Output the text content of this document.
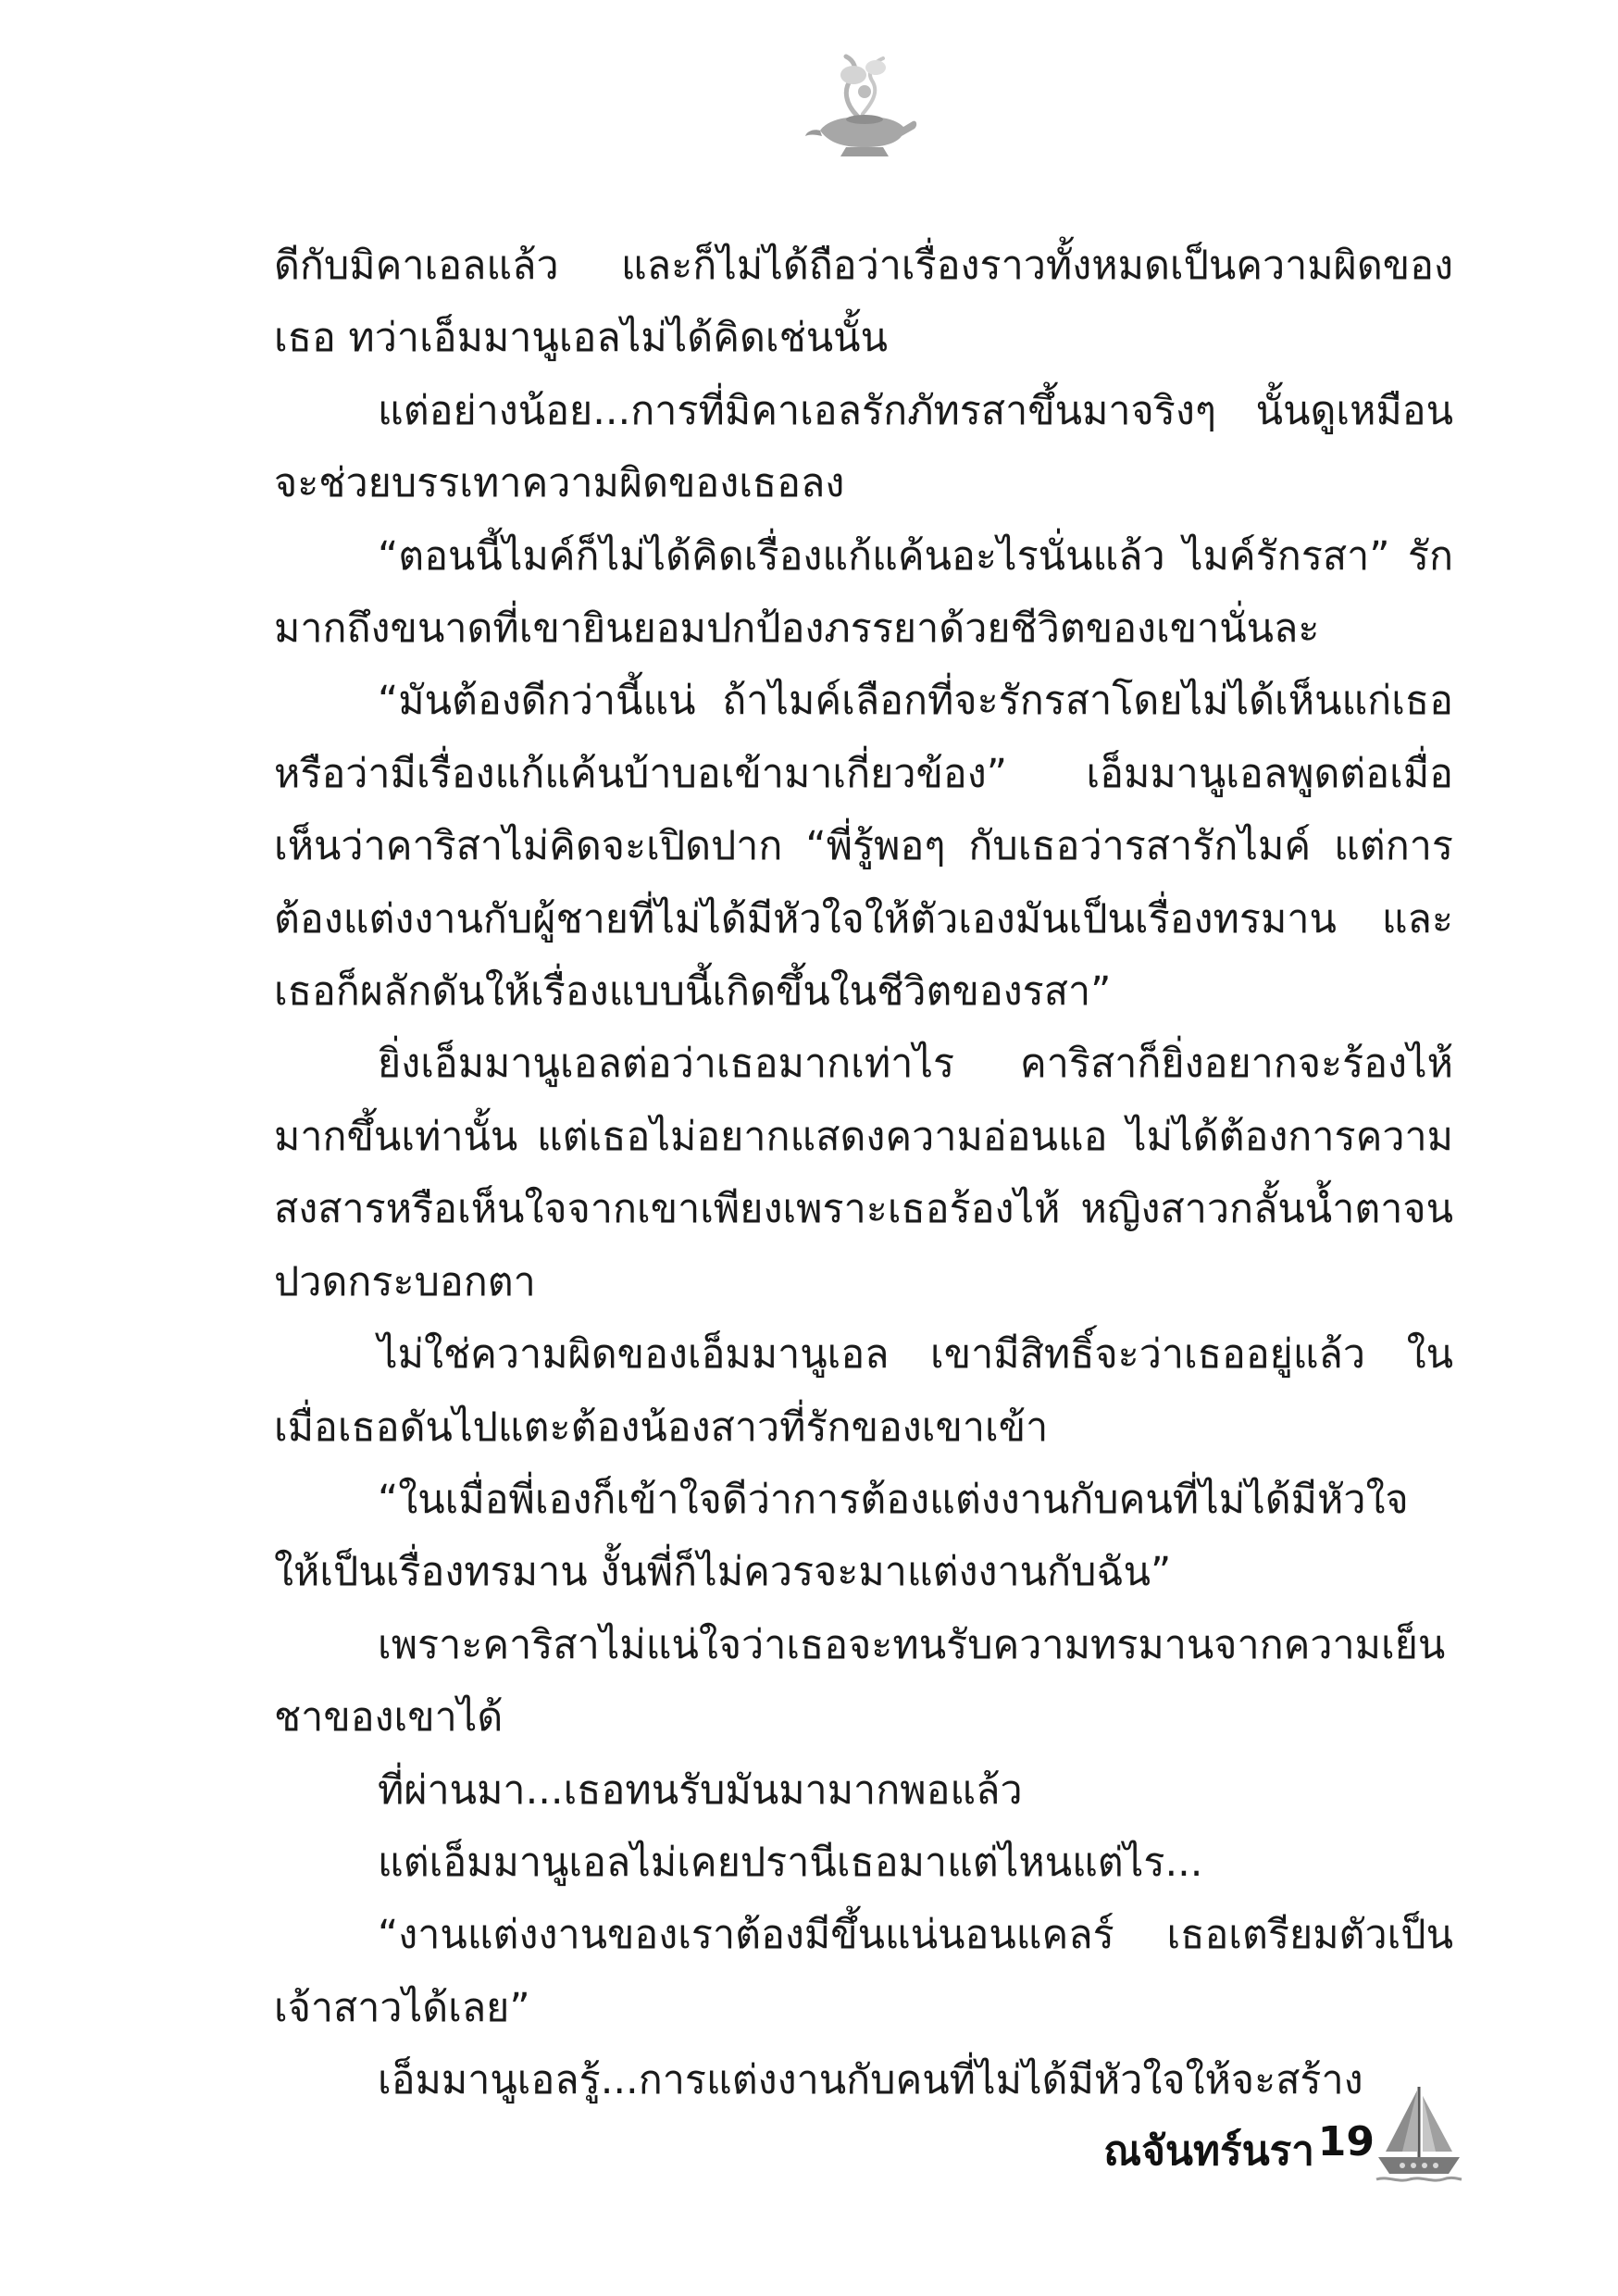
ดีกับมิคาเอลแล้ว และก็ไม่ได้ถือว่าเรื่องราวทั้งหมดเป็นความผิดของเธอ ทว่าเอ็มมานูเอลไม่ได้คิดเช่นนั้น

แต่อย่างน้อย...การที่มิคาเอลรักภัทรสาขึ้นมาจริงๆ นั้นดูเหมือนจะช่วยบรรเทาความผิดของเธอลง

“ตอนนี้ไมค์ก็ไม่ได้คิดเรื่องแก้แค้นอะไรนั่นแล้ว ไมค์รักรสา” รักมากถึงขนาดที่เขายินยอมปกป้องภรรยาด้วยชีวิตของเขานั่นละ

“มันต้องดีกว่านี้แน่ ถ้าไมค์เลือกที่จะรักรสาโดยไม่ได้เห็นแก่เธอหรือว่ามีเรื่องแก้แค้นบ้าบอเข้ามาเกี่ยวข้อง” เอ็มมานูเอลพูดต่อเมื่อเห็นว่าคาริสาไม่คิดจะเปิดปาก “พี่รู้พอๆ กับเธอว่ารสารักไมค์ แต่การต้องแต่งงานกับผู้ชายที่ไม่ได้มีหัวใจให้ตัวเองมันเป็นเรื่องทรมาน และเธอก็ผลักดันให้เรื่องแบบนี้เกิดขึ้นในชีวิตของรสา”

ยิ่งเอ็มมานูเอลต่อว่าเธอมากเท่าไร คาริสาก็ยิ่งอยากจะร้องไห้มากขึ้นเท่านั้น แต่เธอไม่อยากแสดงความอ่อนแอ ไม่ได้ต้องการความสงสารหรือเห็นใจจากเขาเพียงเพราะเธอร้องไห้ หญิงสาวกลั้นน้ำตาจนปวดกระบอกตา

ไม่ใช่ความผิดของเอ็มมานูเอล เขามีสิทธิ์จะว่าเธออยู่แล้ว ในเมื่อเธอดันไปแตะต้องน้องสาวที่รักของเขาเข้า

“ในเมื่อพี่เองก็เข้าใจดีว่าการต้องแต่งงานกับคนที่ไม่ได้มีหัวใจให้เป็นเรื่องทรมาน งั้นพี่ก็ไม่ควรจะมาแต่งงานกับฉัน”

เพราะคาริสาไม่แน่ใจว่าเธอจะทนรับความทรมานจากความเย็นชาของเขาได้

ที่ผ่านมา...เธอทนรับมันมามากพอแล้ว

แต่เอ็มมานูเอลไม่เคยปรานีเธอมาแต่ไหนแต่ไร...

“งานแต่งงานของเราต้องมีขึ้นแน่นอนแคลร์ เธอเตรียมตัวเป็นเจ้าสาวได้เลย”

เอ็มมานูเอลรู้...การแต่งงานกับคนที่ไม่ได้มีหัวใจให้จะสร้าง

ณจันทร์นรา 19
